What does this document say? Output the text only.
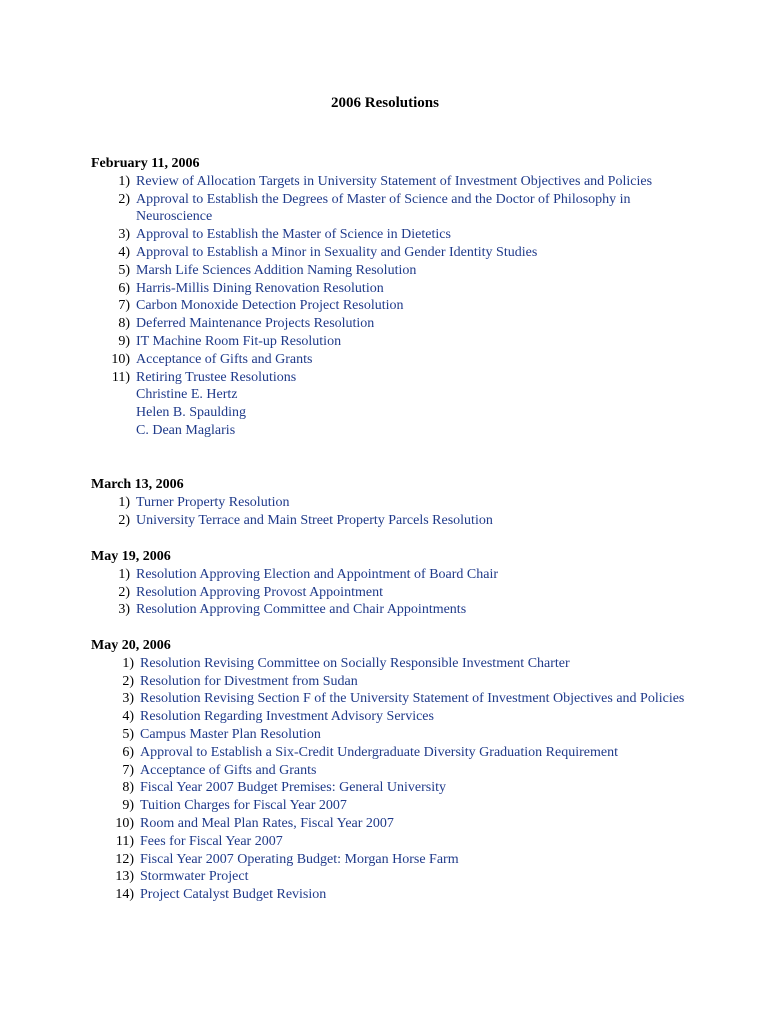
2006 Resolutions

February 11, 2006

1) Review of Allocation Targets in University Statement of Investment Objectives and Policies
2) Approval to Establish the Degrees of Master of Science and the Doctor of Philosophy in Neuroscience
3) Approval to Establish the Master of Science in Dietetics
4) Approval to Establish a Minor in Sexuality and Gender Identity Studies
5) Marsh Life Sciences Addition Naming Resolution
6) Harris-Millis Dining Renovation Resolution
7) Carbon Monoxide Detection Project Resolution
8) Deferred Maintenance Projects Resolution
9) IT Machine Room Fit-up Resolution
10) Acceptance of Gifts and Grants
11) Retiring Trustee Resolutions
Christine E. Hertz
Helen B. Spaulding
C. Dean Maglaris

March 13, 2006

1) Turner Property Resolution
2) University Terrace and Main Street Property Parcels Resolution

May 19, 2006

1) Resolution Approving Election and Appointment of Board Chair
2) Resolution Approving Provost Appointment
3) Resolution Approving Committee and Chair Appointments

May 20, 2006

1) Resolution Revising Committee on Socially Responsible Investment Charter
2) Resolution for Divestment from Sudan
3) Resolution Revising Section F of the University Statement of Investment Objectives and Policies
4) Resolution Regarding Investment Advisory Services
5) Campus Master Plan Resolution
6) Approval to Establish a Six-Credit Undergraduate Diversity Graduation Requirement
7) Acceptance of Gifts and Grants
8) Fiscal Year 2007 Budget Premises: General University
9) Tuition Charges for Fiscal Year 2007
10) Room and Meal Plan Rates, Fiscal Year 2007
11) Fees for Fiscal Year 2007
12) Fiscal Year 2007 Operating Budget: Morgan Horse Farm
13) Stormwater Project
14) Project Catalyst Budget Revision
